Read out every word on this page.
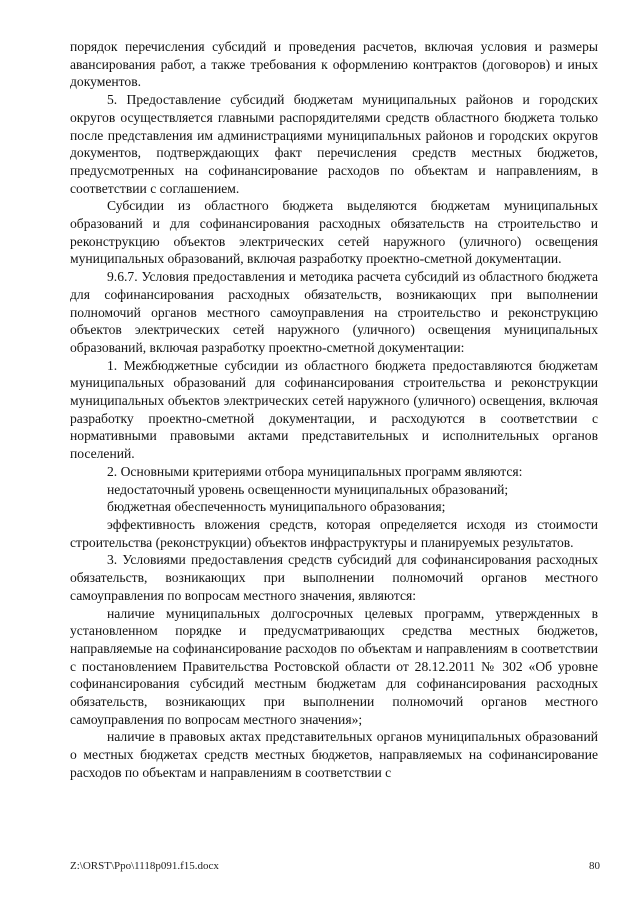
порядок перечисления субсидий и проведения расчетов, включая условия и размеры авансирования работ, а также требования к оформлению контрактов (договоров) и иных документов.

5. Предоставление субсидий бюджетам муниципальных районов и городских округов осуществляется главными распорядителями средств областного бюджета только после представления им администрациями муниципальных районов и городских округов документов, подтверждающих факт перечисления средств местных бюджетов, предусмотренных на софинансирование расходов по объектам и направлениям, в соответствии с соглашением.

Субсидии из областного бюджета выделяются бюджетам муниципальных образований и для софинансирования расходных обязательств на строительство и реконструкцию объектов электрических сетей наружного (уличного) освещения муниципальных образований, включая разработку проектно-сметной документации.

9.6.7. Условия предоставления и методика расчета субсидий из областного бюджета для софинансирования расходных обязательств, возникающих при выполнении полномочий органов местного самоуправления на строительство и реконструкцию объектов электрических сетей наружного (уличного) освещения муниципальных образований, включая разработку проектно-сметной документации:

1. Межбюджетные субсидии из областного бюджета предоставляются бюджетам муниципальных образований для софинансирования строительства и реконструкции муниципальных объектов электрических сетей наружного (уличного) освещения, включая разработку проектно-сметной документации, и расходуются в соответствии с нормативными правовыми актами представительных и исполнительных органов поселений.

2. Основными критериями отбора муниципальных программ являются:

недостаточный уровень освещенности муниципальных образований;

бюджетная обеспеченность муниципального образования;

эффективность вложения средств, которая определяется исходя из стоимости строительства (реконструкции) объектов инфраструктуры и планируемых результатов.

3. Условиями предоставления средств субсидий для софинансирования расходных обязательств, возникающих при выполнении полномочий органов местного самоуправления по вопросам местного значения, являются:

наличие муниципальных долгосрочных целевых программ, утвержденных в установленном порядке и предусматривающих средства местных бюджетов, направляемые на софинансирование расходов по объектам и направлениям в соответствии с постановлением Правительства Ростовской области от 28.12.2011 № 302 «Об уровне софинансирования субсидий местным бюджетам для софинансирования расходных обязательств, возникающих при выполнении полномочий органов местного самоуправления по вопросам местного значения»;

наличие в правовых актах представительных органов муниципальных образований о местных бюджетах средств местных бюджетов, направляемых на софинансирование расходов по объектам и направлениям в соответствии с

Z:\ORST\Ppo\1118p091.f15.docx	80
